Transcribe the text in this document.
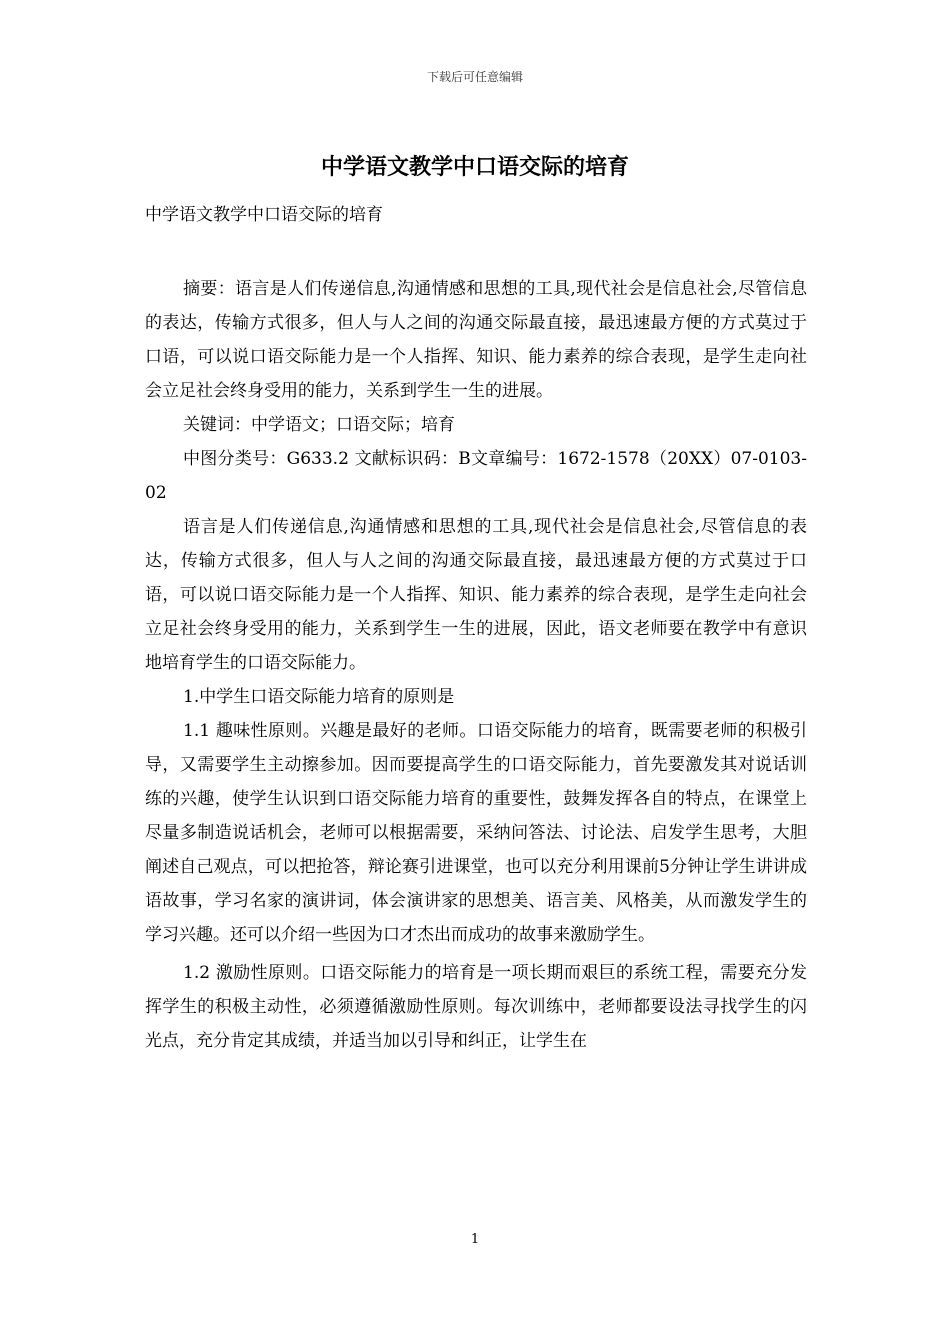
下载后可任意编辑
中学语文教学中口语交际的培育

中学语文教学中口语交际的培育

摘要：语言是人们传递信息,沟通情感和思想的工具,现代社会是信息社会,尽管信息的表达，传输方式很多，但人与人之间的沟通交际最直接，最迅速最方便的方式莫过于口语，可以说口语交际能力是一个人指挥、知识、能力素养的综合表现，是学生走向社会立足社会终身受用的能力，关系到学生一生的进展。

关键词：中学语文；口语交际；培育

中图分类号：G633.2 文献标识码：B文章编号：1672-1578（20XX）07-0103-02

语言是人们传递信息,沟通情感和思想的工具,现代社会是信息社会,尽管信息的表达，传输方式很多，但人与人之间的沟通交际最直接，最迅速最方便的方式莫过于口语，可以说口语交际能力是一个人指挥、知识、能力素养的综合表现，是学生走向社会立足社会终身受用的能力，关系到学生一生的进展，因此，语文老师要在教学中有意识地培育学生的口语交际能力。

1.中学生口语交际能力培育的原则是

1.1 趣味性原则。兴趣是最好的老师。口语交际能力的培育，既需要老师的积极引导，又需要学生主动擦参加。因而要提高学生的口语交际能力，首先要激发其对说话训练的兴趣，使学生认识到口语交际能力培育的重要性，鼓舞发挥各自的特点，在课堂上尽量多制造说话机会，老师可以根据需要，采纳问答法、讨论法、启发学生思考，大胆阐述自己观点，可以把抢答，辩论赛引进课堂，也可以充分利用课前5分钟让学生讲讲成语故事，学习名家的演讲词，体会演讲家的思想美、语言美、风格美，从而激发学生的学习兴趣。还可以介绍一些因为口才杰出而成功的故事来激励学生。

1.2 激励性原则。口语交际能力的培育是一项长期而艰巨的系统工程，需要充分发挥学生的积极主动性，必须遵循激励性原则。每次训练中，老师都要设法寻找学生的闪光点，充分肯定其成绩，并适当加以引导和纠正，让学生在

1
